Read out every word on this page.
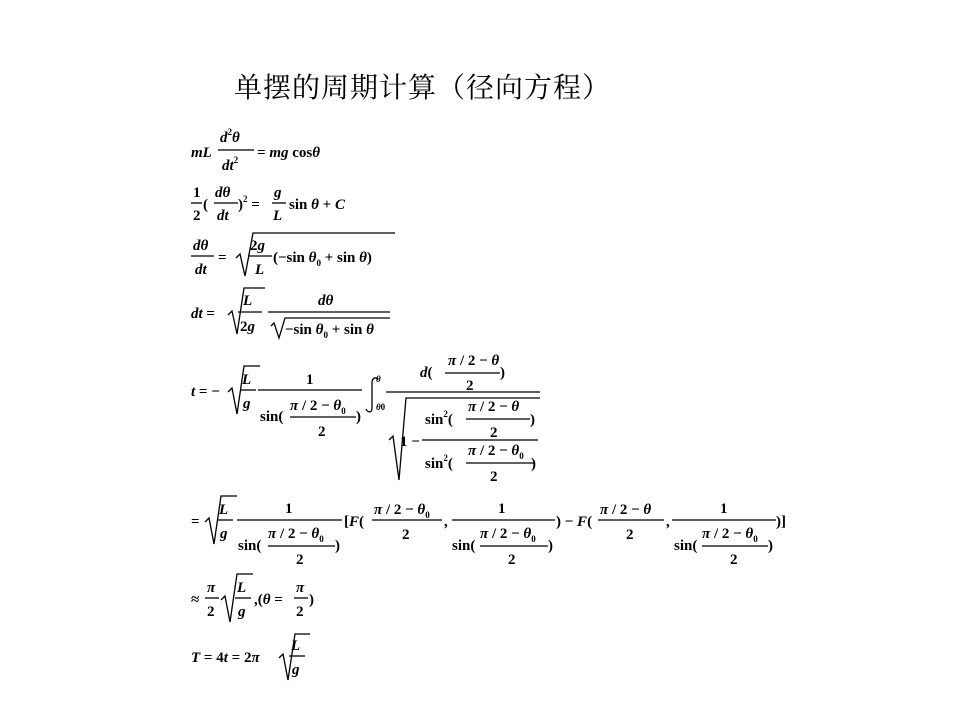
单摆的周期计算（径向方程）
mL
$d^2\theta$
$dt^2$ = mg cosθ
1
2
(
dθ
dt
)$^2$ =
g
L
sin θ + C
dθ
dt
=
2g
L
(−sin $\theta_0 + \sin \theta$)
dt =
L
2g
dθ
−sin $\theta_0 + \sin \theta$
t = −
L
g
1
sin(
$\pi / 2 - \theta_0$
2
)
θ
θ0
d(
π / 2 − θ
2
)
1 −
$\sin^2$(
π / 2 − θ
2
)
$\sin^2$(
$\pi / 2 - \theta_0$
2
)
=
L
g
1
sin(
$\pi / 2 - \theta_0$
2
)
[F(
$\pi / 2 - \theta_0$
2
,
1
sin(
$\pi / 2 - \theta_0$
2
)
) − F(
π / 2 − θ
2
,
1
sin(
$\pi / 2 - \theta_0$
2
)
)]
≈
π
2
L
g
,(θ =
π
2
)
T = 4t = 2π
L
g
